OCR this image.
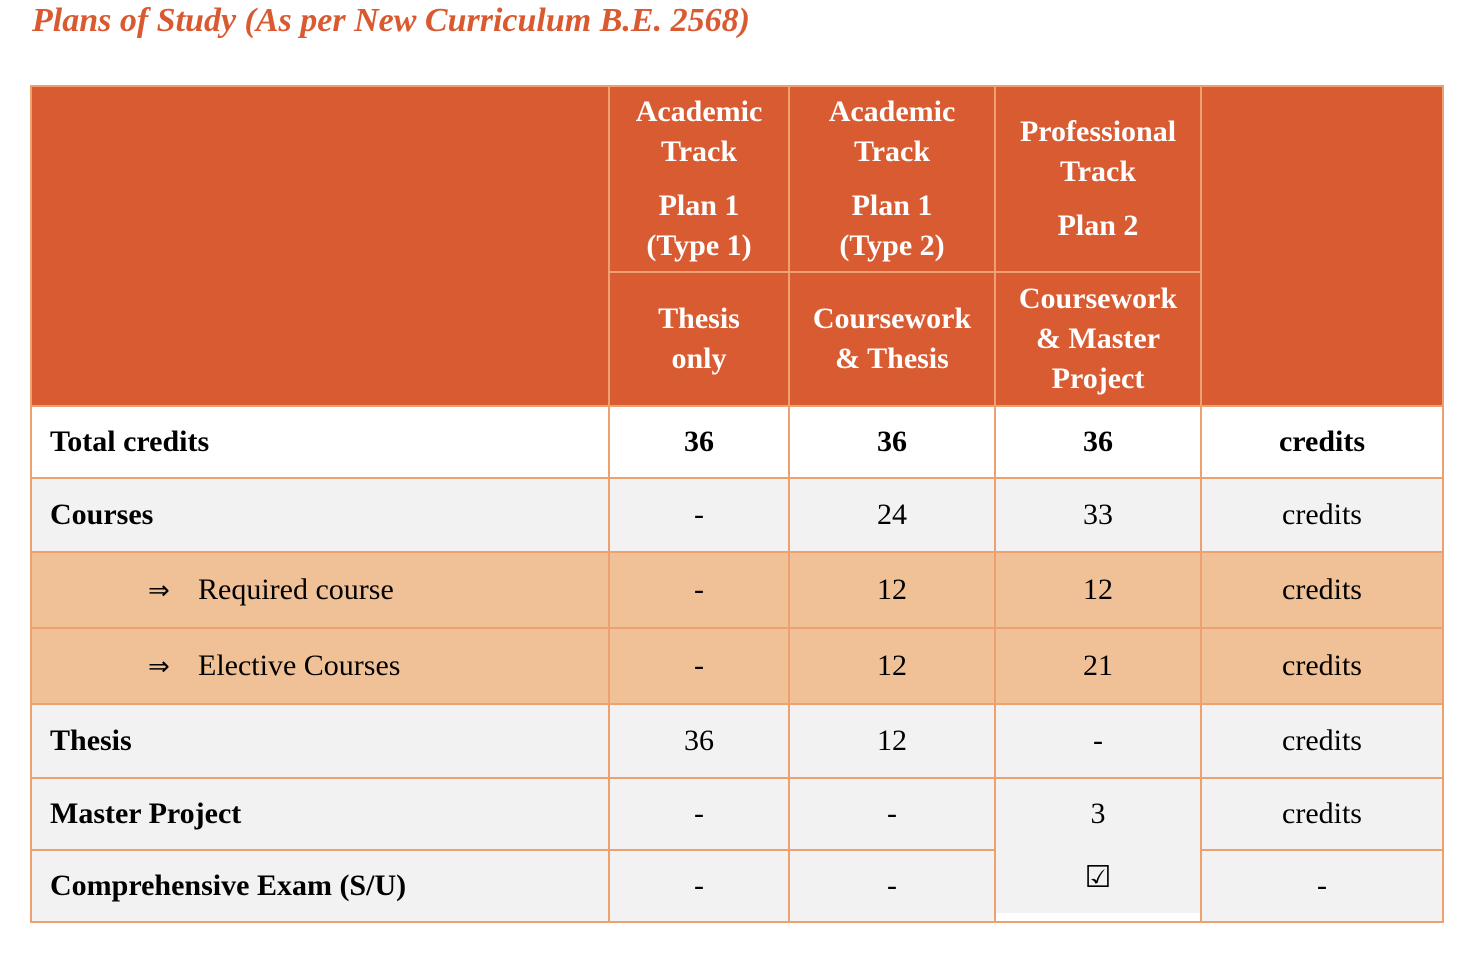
Plans of Study (As per New Curriculum B.E. 2568)

	Academic
Track
Plan 1
(Type 1)	Academic
Track
Plan 1
(Type 2)	Professional
Track
Plan 2	

	Thesis
only	Coursework
& Thesis	Coursework
& Master
Project	

Total credits	36	36	36	credits
Courses	-	24	33	credits
⇒ Required course	-	12	12	credits
⇒ Elective Courses	-	12	21	credits
Thesis	36	12	-	credits
Master Project	-	-	3	credits
Comprehensive Exam (S/U)	-	-	☑	-
